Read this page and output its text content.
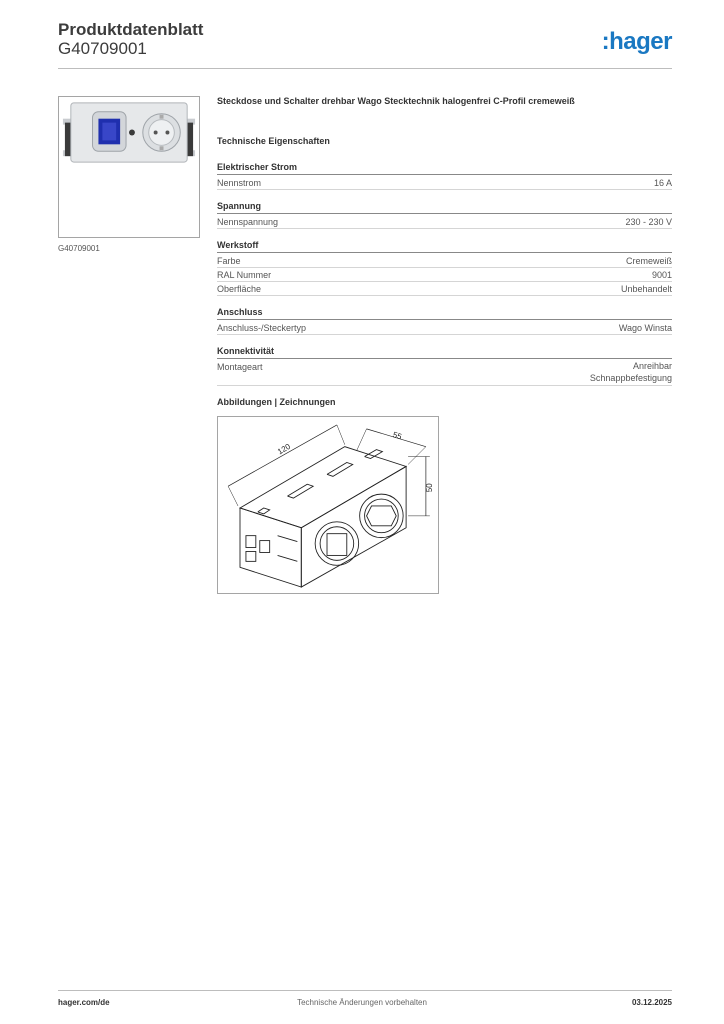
Produktdatenblatt
G40709001	:hager
G40709001
Steckdose und Schalter drehbar Wago Stecktechnik halogenfrei C-Profil cremeweiß
Technische Eigenschaften
Elektrischer Strom
Nennstrom	16 A
Spannung
Nennspannung	230 - 230 V
Werkstoff
Farbe	Cremeweiß
RAL Nummer	9001
Oberfläche	Unbehandelt
Anschluss
Anschluss-/Steckertyp	Wago Winsta
Konnektivität
Montageart	Anreihbar
Schnappbefestigung
Abbildungen | Zeichnungen
120
55
50
hager.com/de	Technische Änderungen vorbehalten	03.12.2025
